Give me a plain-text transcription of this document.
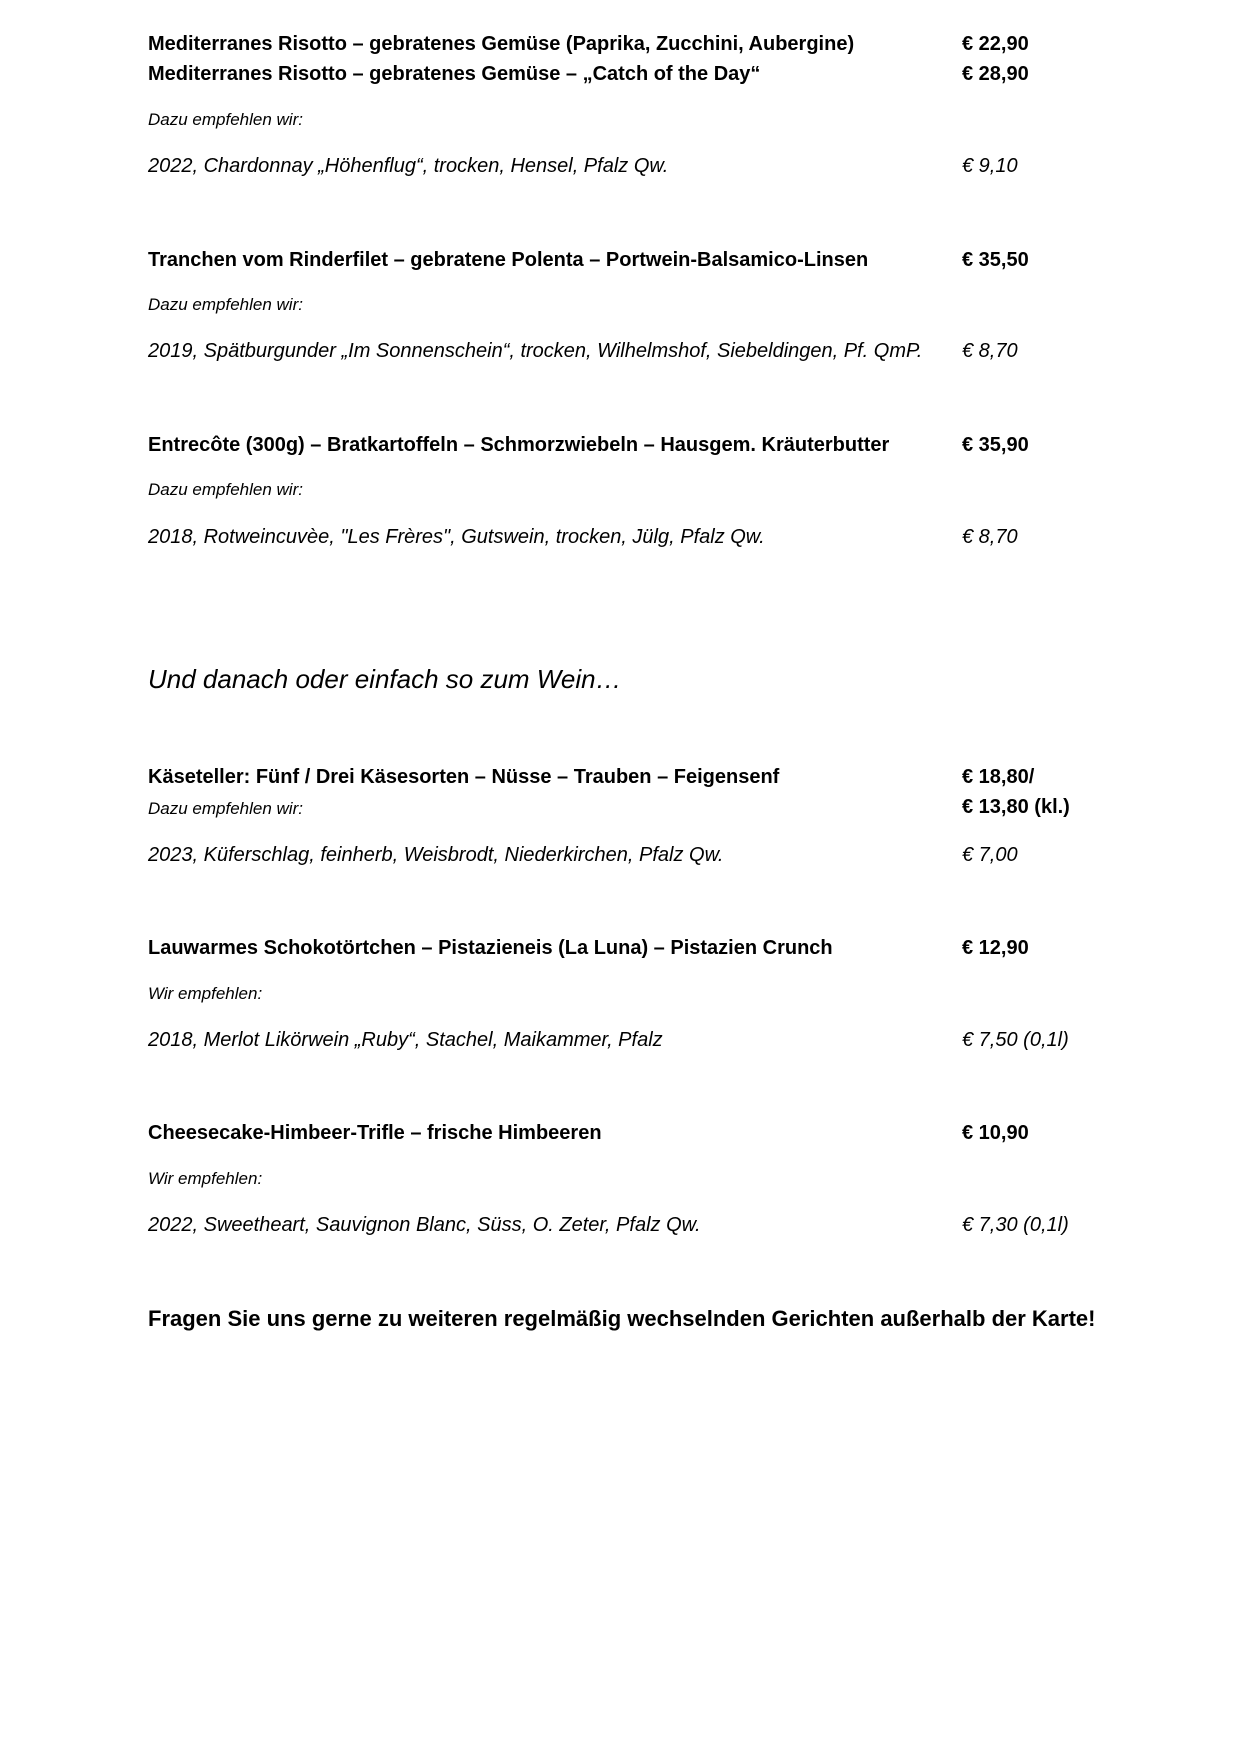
Mediterranes Risotto – gebratenes Gemüse (Paprika, Zucchini, Aubergine)	€ 22,90
Mediterranes Risotto – gebratenes Gemüse – „Catch of the Day“	€ 28,90
Dazu empfehlen wir:
2022, Chardonnay „Höhenflug“, trocken, Hensel, Pfalz Qw.	€ 9,10
Tranchen vom Rinderfilet – gebratene Polenta – Portwein-Balsamico-Linsen	€ 35,50
Dazu empfehlen wir:
2019, Spätburgunder „Im Sonnenschein“, trocken, Wilhelmshof, Siebeldingen, Pf. QmP. € 8,70
Entrecôte (300g) – Bratkartoffeln – Schmorzwiebeln – Hausgem. Kräuterbutter	€ 35,90
Dazu empfehlen wir:
2018, Rotweincuvèe, "Les Frères", Gutswein, trocken, Jülg, Pfalz Qw.	€ 8,70
Und danach oder einfach so zum Wein…
Käseteller: Fünf / Drei Käsesorten – Nüsse – Trauben – Feigensenf	€ 18,80/
Dazu empfehlen wir:	€ 13,80 (kl.)
2023, Küferschlag, feinherb, Weisbrodt, Niederkirchen, Pfalz Qw.	€ 7,00
Lauwarmes Schokotörtchen – Pistazieneis (La Luna) – Pistazien Crunch	€ 12,90
Wir empfehlen:
2018, Merlot Likörwein „Ruby“, Stachel, Maikammer, Pfalz	€ 7,50 (0,1l)
Cheesecake-Himbeer-Trifle – frische Himbeeren	€ 10,90
Wir empfehlen:
2022, Sweetheart, Sauvignon Blanc, Süss, O. Zeter, Pfalz Qw.	€ 7,30 (0,1l)
Fragen Sie uns gerne zu weiteren regelmäßig wechselnden Gerichten außerhalb der Karte!
